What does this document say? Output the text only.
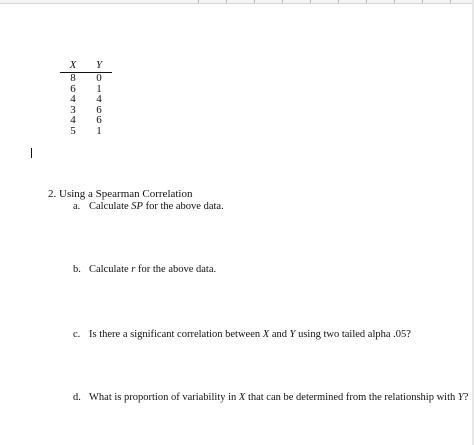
X	Y
8	0
6	1
4	4
3	6
4	6
5	1
2. Using a Spearman Correlation
a. Calculate SP for the above data.
b. Calculate r for the above data.
c. Is there a significant correlation between X and Y using two tailed alpha .05?
d. What is proportion of variability in X that can be determined from the relationship with Y?
